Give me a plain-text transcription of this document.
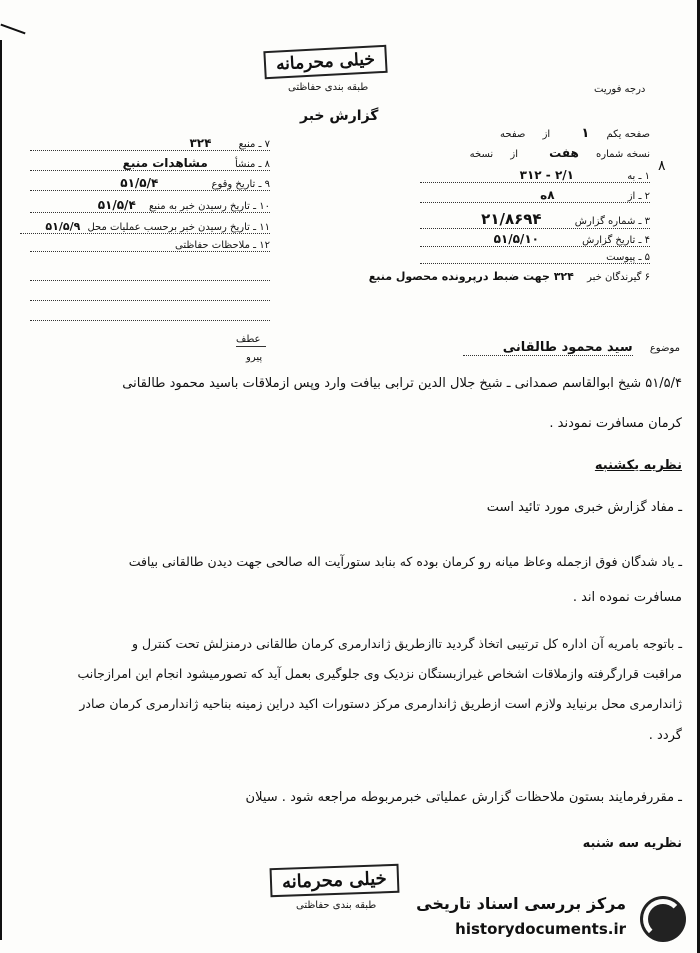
خیلی محرمانه
طبقه بندی حفاظتی
گزارش خبر
درجه فوریت
صفحه یکم ۱ از صفحه
نسخه شماره هفت از نسخه
۸
۱ ـ به ۲/۱ - ۳۱۲
۲ ـ از ۸ه
۳ ـ شماره گزارش ۲۱/۸۶۹۴
۴ ـ تاریخ گزارش ۵۱/۵/۱۰
۵ ـ پیوست
۶ گیرندگان خبر ۳۲۴ جهت ضبط درپرونده محصول منبع
۷ ـ منبع ۳۲۴
۸ ـ منشأ مشاهدات منبع
۹ ـ تاریخ وقوع ۵۱/۵/۴
۱۰ ـ تاریخ رسیدن خبر به منبع ۵۱/۵/۴
۱۱ ـ تاریخ رسیدن خبر برحسب عملیات محل ۵۱/۵/۹
۱۲ ـ ملاحظات حفاظتی
موضوع سید محمود طالقانی
عطف
پیرو
۵۱/۵/۴ شیخ ابوالقاسم صمدانی ـ شیخ جلال الدین ترابی بیافت وارد وپس ازملاقات باسید محمود طالقانی
کرمان مسافرت نمودند .
نظریه یکشنبه
ـ مفاد گزارش خبری مورد تائید است
ـ یاد شدگان فوق ازجمله وعاظ میانه رو کرمان بوده که بنابد ستورآیت اله صالحی جهت دیدن طالقانی بیافت
مسافرت نموده اند .
ـ باتوجه بامریه آن اداره کل ترتیبی اتخاذ گردید تاازطریق ژاندارمری کرمان طالقانی درمنزلش تحت کنترل و
مراقبت قرارگرفته وازملاقات اشخاص غیرازبستگان نزدیک وی جلوگیری بعمل آید که تصورمیشود انجام این امرازجانب
ژاندارمری محل برنیاید ولازم است ازطریق ژاندارمری مرکز دستورات اکید دراین زمینه بناحیه ژاندارمری کرمان صادر
گردد .
ـ مقررفرمایند بستون ملاحظات گزارش عملیاتی خبرمربوطه مراجعه شود . سیلان
نظریه سه شنبه
خیلی محرمانه
طبقه بندی حفاظتی مرکز بررسی اسناد تاریخی
historydocuments.ir
